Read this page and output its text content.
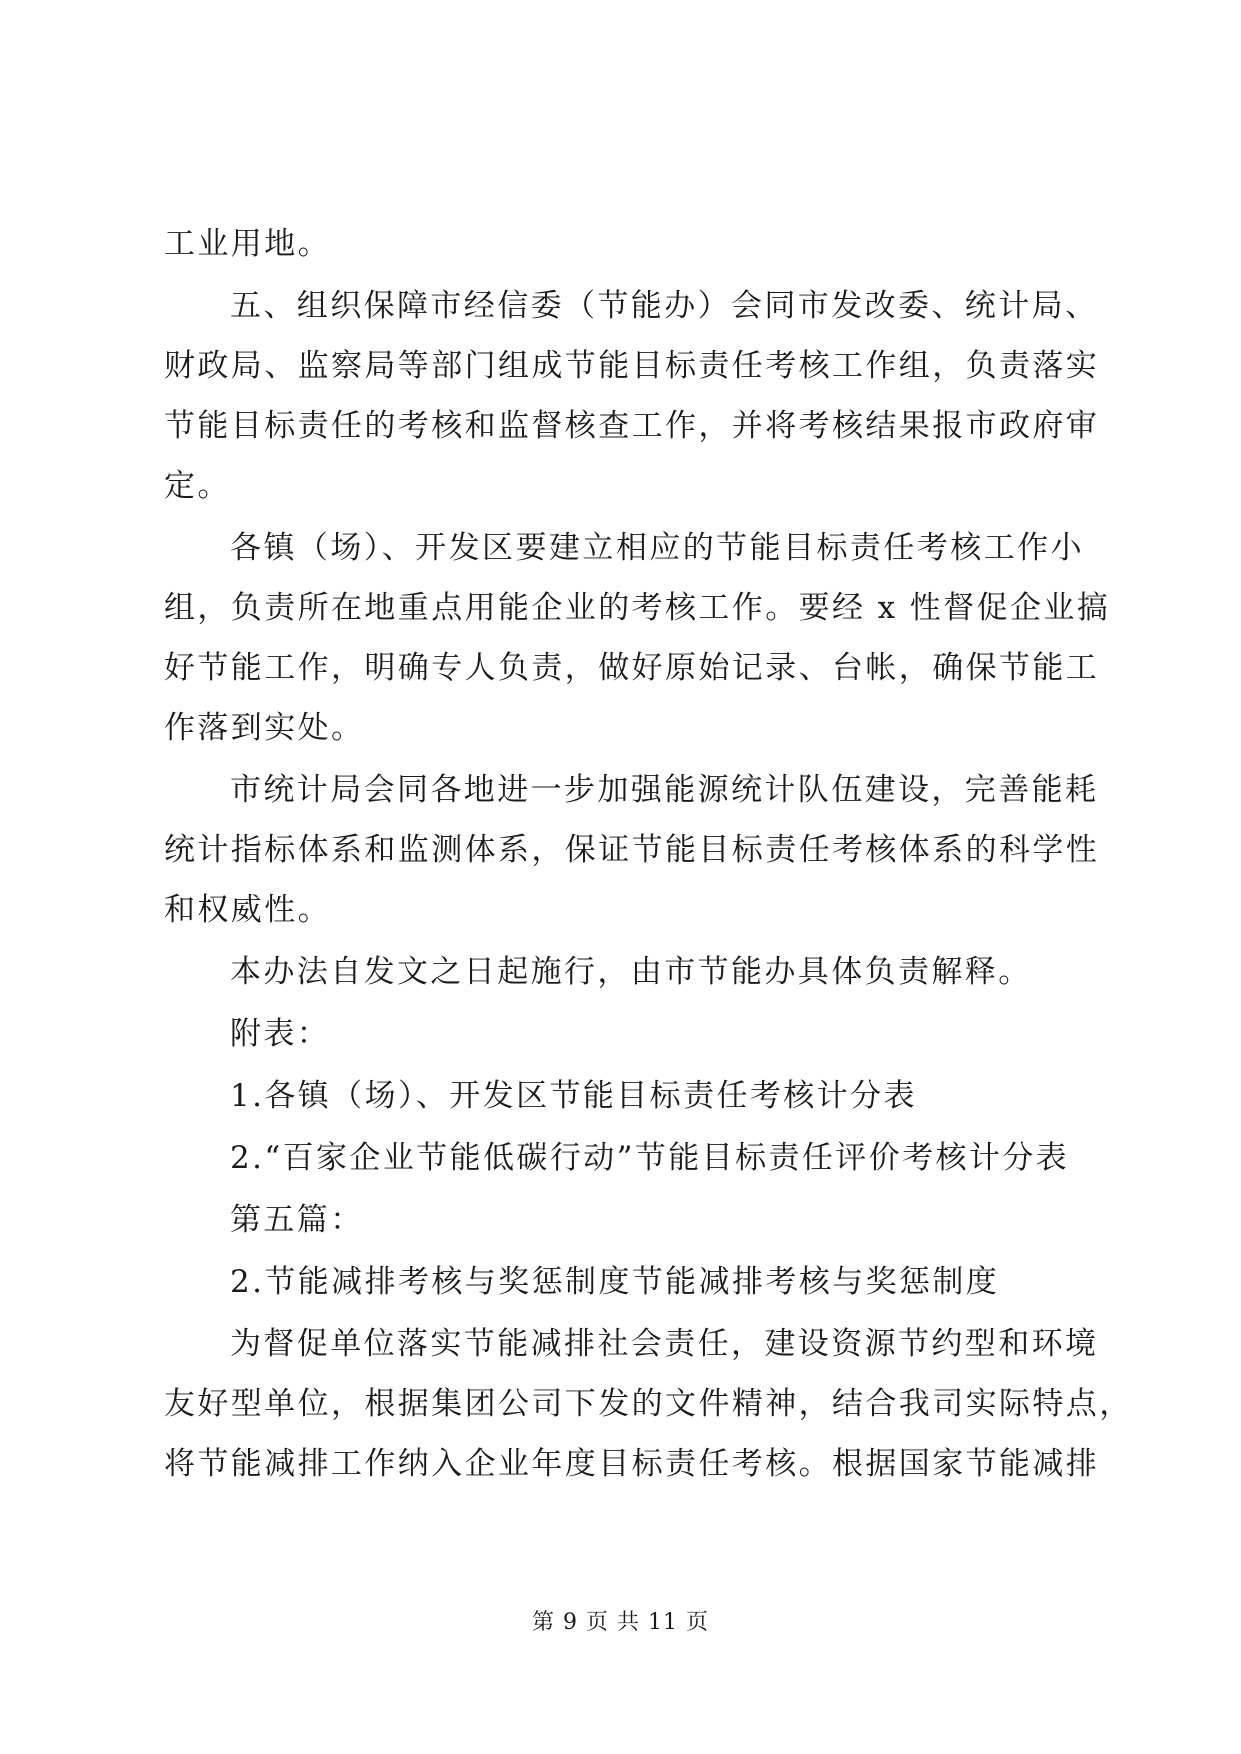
工业用地。
五、组织保障市经信委（节能办）会同市发改委、统计局、
财政局、监察局等部门组成节能目标责任考核工作组，负责落实
节能目标责任的考核和监督核查工作，并将考核结果报市政府审
定。
各镇（场）、开发区要建立相应的节能目标责任考核工作小
组，负责所在地重点用能企业的考核工作。要经 x 性督促企业搞
好节能工作，明确专人负责，做好原始记录、台帐，确保节能工
作落到实处。
市统计局会同各地进一步加强能源统计队伍建设，完善能耗
统计指标体系和监测体系，保证节能目标责任考核体系的科学性
和权威性。
本办法自发文之日起施行，由市节能办具体负责解释。
附表：
1.各镇（场）、开发区节能目标责任考核计分表
2.“百家企业节能低碳行动”节能目标责任评价考核计分表
第五篇：
2.节能减排考核与奖惩制度节能减排考核与奖惩制度
为督促单位落实节能减排社会责任，建设资源节约型和环境
友好型单位，根据集团公司下发的文件精神，结合我司实际特点，
将节能减排工作纳入企业年度目标责任考核。根据国家节能减排
第 9 页 共 11 页
